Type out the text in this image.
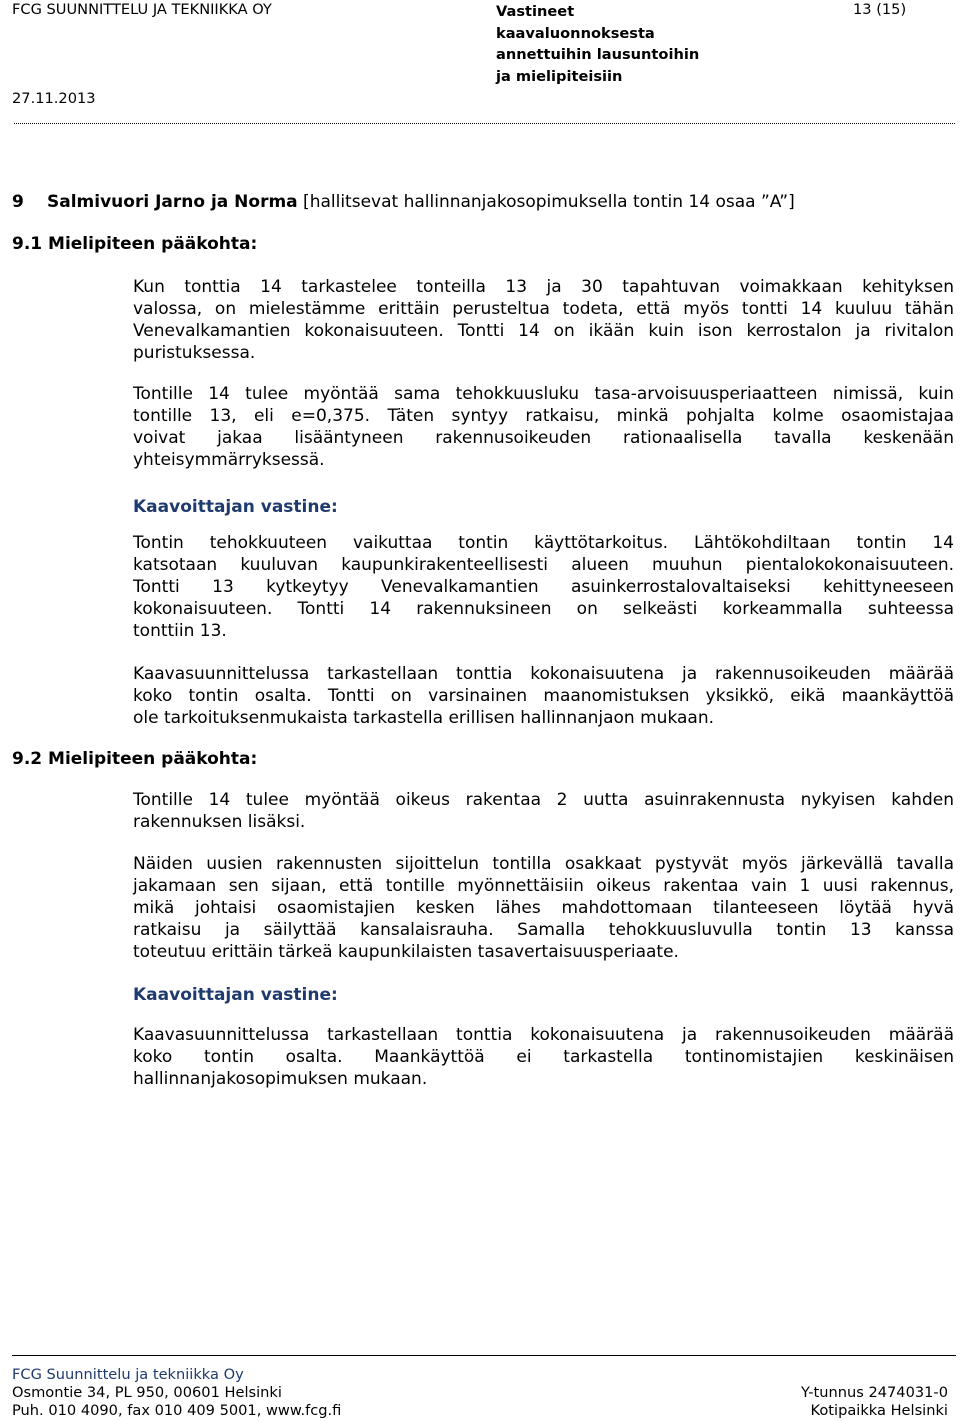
FCG SUUNNITTELU JA TEKNIIKKA OY	Vastineet
kaavaluonnoksesta
annettuihin lausuntoihin
ja mielipiteisiin
13 (15)
27.11.2013
9 Salmivuori Jarno ja Norma [hallitsevat hallinnanjakosopimuksella tontin 14 osaa ”A”]
9.1 Mielipiteen pääkohta:
Kun tonttia 14 tarkastelee tonteilla 13 ja 30 tapahtuvan voimakkaan kehityksen
valossa, on mielestämme erittäin perusteltua todeta, että myös tontti 14 kuuluu tähän
Venevalkamantien kokonaisuuteen. Tontti 14 on ikään kuin ison kerrostalon ja rivitalon
puristuksessa.
Tontille 14 tulee myöntää sama tehokkuusluku tasa-arvoisuusperiaatteen nimissä, kuin
tontille 13, eli e=0,375. Täten syntyy ratkaisu, minkä pohjalta kolme osaomistajaa
voivat jakaa lisääntyneen rakennusoikeuden rationaalisella tavalla keskenään
yhteisymmärryksessä.
Kaavoittajan vastine:
Tontin tehokkuuteen vaikuttaa tontin käyttötarkoitus. Lähtökohdiltaan tontin 14
katsotaan kuuluvan kaupunkirakenteellisesti alueen muuhun pientalokokonaisuuteen.
Tontti 13 kytkeytyy Venevalkamantien asuinkerrostalovaltaiseksi kehittyneeseen
kokonaisuuteen. Tontti 14 rakennuksineen on selkeästi korkeammalla suhteessa
tonttiin 13.
Kaavasuunnittelussa tarkastellaan tonttia kokonaisuutena ja rakennusoikeuden määrää
koko tontin osalta. Tontti on varsinainen maanomistuksen yksikkö, eikä maankäyttöä
ole tarkoituksenmukaista tarkastella erillisen hallinnanjaon mukaan.
9.2 Mielipiteen pääkohta:
Tontille 14 tulee myöntää oikeus rakentaa 2 uutta asuinrakennusta nykyisen kahden
rakennuksen lisäksi.
Näiden uusien rakennusten sijoittelun tontilla osakkaat pystyvät myös järkevällä tavalla
jakamaan sen sijaan, että tontille myönnettäisiin oikeus rakentaa vain 1 uusi rakennus,
mikä johtaisi osaomistajien kesken lähes mahdottomaan tilanteeseen löytää hyvä
ratkaisu ja säilyttää kansalaisrauha. Samalla tehokkuusluvulla tontin 13 kanssa
toteutuu erittäin tärkeä kaupunkilaisten tasavertaisuusperiaate.
Kaavoittajan vastine:
Kaavasuunnittelussa tarkastellaan tonttia kokonaisuutena ja rakennusoikeuden määrää
koko tontin osalta. Maankäyttöä ei tarkastella tontinomistajien keskinäisen
hallinnanjakosopimuksen mukaan.
FCG Suunnittelu ja tekniikka Oy
Osmontie 34, PL 950, 00601 Helsinki
Puh. 010 4090, fax 010 409 5001, www.fcg.fi
Y-tunnus 2474031-0
Kotipaikka Helsinki
